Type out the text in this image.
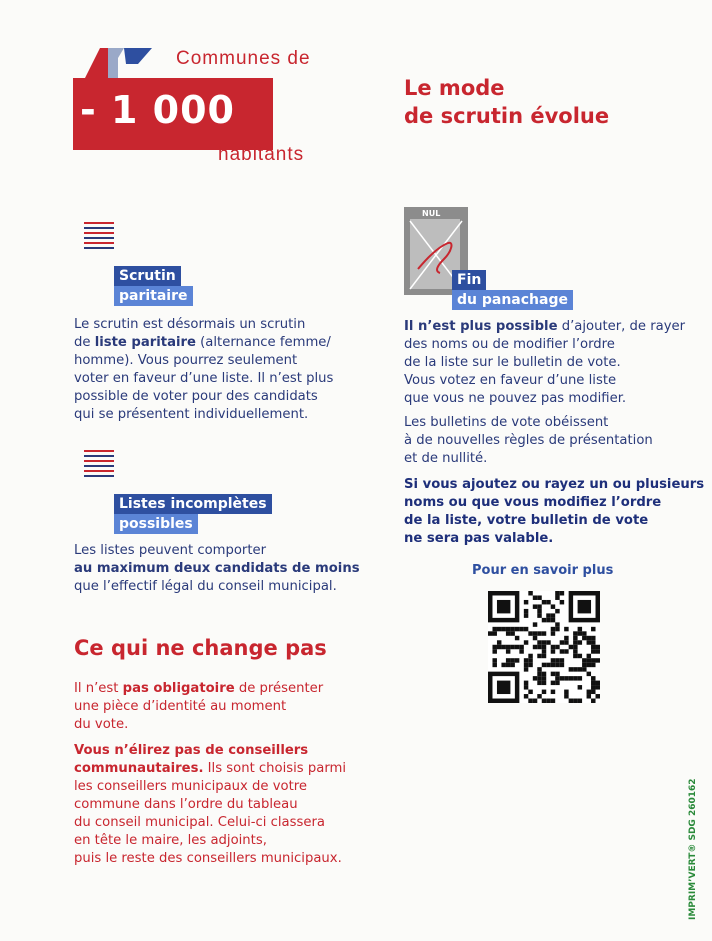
- 1 000
Communes de
habitants
Le mode
de scrutin évolue
Scrutin
paritaire
Le scrutin est désormais un scrutin
de liste paritaire (alternance femme/
homme). Vous pourrez seulement
voter en faveur d’une liste. Il n’est plus
possible de voter pour des candidats
qui se présentent individuellement.
Listes incomplètes
possibles
Les listes peuvent comporter
au maximum deux candidats de moins
que l’effectif légal du conseil municipal.
NUL
Fin
du panachage
Il n’est plus possible d’ajouter, de rayer
des noms ou de modifier l’ordre
de la liste sur le bulletin de vote.
Vous votez en faveur d’une liste
que vous ne pouvez pas modifier.
Les bulletins de vote obéissent
à de nouvelles règles de présentation
et de nullité.
Si vous ajoutez ou rayez un ou plusieurs
noms ou que vous modifiez l’ordre
de la liste, votre bulletin de vote
ne sera pas valable.
Pour en savoir plus
Ce qui ne change pas
Il n’est pas obligatoire de présenter
une pièce d’identité au moment
du vote.
Vous n’élirez pas de conseillers
communautaires. Ils sont choisis parmi
les conseillers municipaux de votre
commune dans l’ordre du tableau
du conseil municipal. Celui-ci classera
en tête le maire, les adjoints,
puis le reste des conseillers municipaux.	IMPRIM’VERT® SDG 260162
